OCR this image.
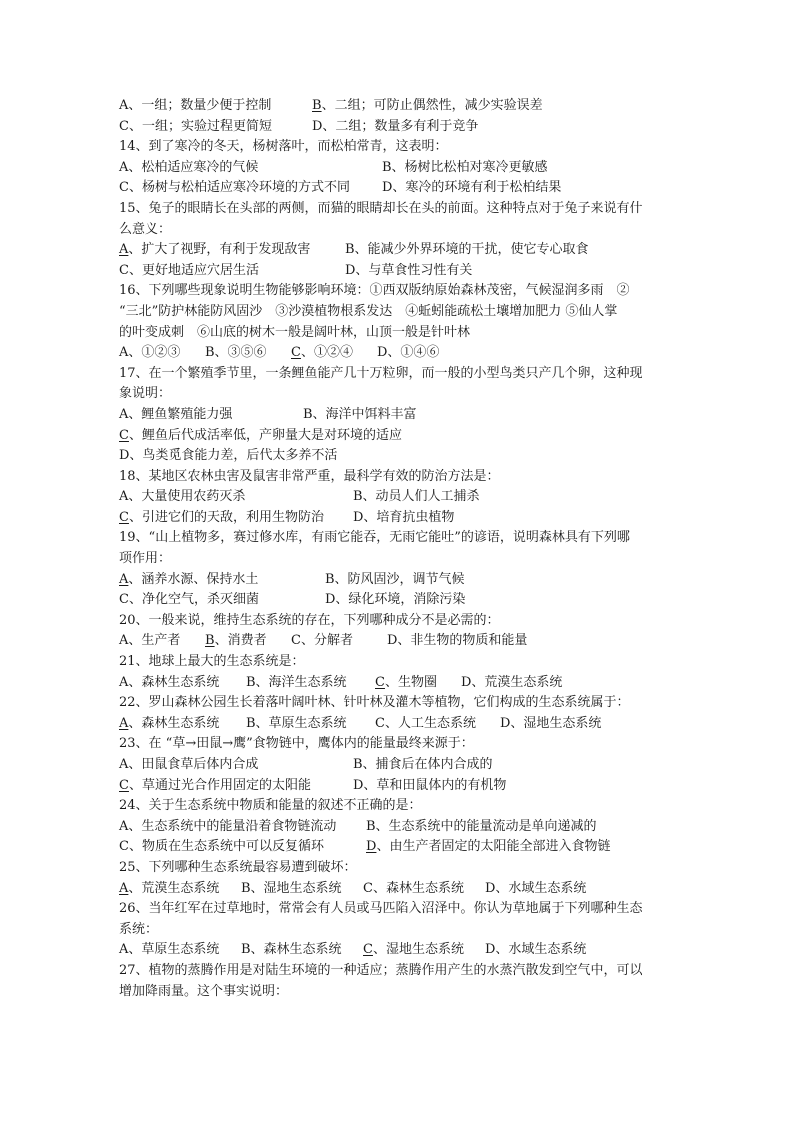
A、一组；数量少便于控制	B、二组；可防止偶然性，减少实验误差
C、一组；实验过程更简短	D、二组；数量多有利于竞争
14、到了寒冷的冬天，杨树落叶，而松柏常青，这表明：
A、松柏适应寒冷的气候	B、杨树比松柏对寒冷更敏感
C、杨树与松柏适应寒冷环境的方式不同 D、寒冷的环境有利于松柏结果
15、兔子的眼睛长在头部的两侧，而猫的眼睛却长在头的前面。这种特点对于兔子来说有什
么意义：
A、扩大了视野，有利于发现敌害	B、能减少外界环境的干扰，使它专心取食
C、更好地适应穴居生活	D、与草食性习性有关
16、下列哪些现象说明生物能够影响环境：①西双版纳原始森林茂密，气候湿润多雨　②
“三北”防护林能防风固沙　③沙漠植物根系发达　④蚯蚓能疏松土壤增加肥力 ⑤仙人掌
的叶变成刺　⑥山底的树木一般是阔叶林，山顶一般是针叶林
A、①②③ B、③⑤⑥ C、①②④ D、①④⑥
17、在一个繁殖季节里，一条鲤鱼能产几十万粒卵，而一般的小型鸟类只产几个卵，这种现
象说明：
A、鲤鱼繁殖能力强	B、海洋中饵料丰富
C、鲤鱼后代成活率低，产卵量大是对环境的适应
D、鸟类觅食能力差，后代太多养不活
18、某地区农林虫害及鼠害非常严重，最科学有效的防治方法是：
A、大量使用农药灭杀	B、动员人们人工捕杀
C、引进它们的天敌，利用生物防治 D、培育抗虫植物
19、“山上植物多，赛过修水库，有雨它能吞，无雨它能吐”的谚语，说明森林具有下列哪
项作用：
A、涵养水源、保持水土	B、防风固沙，调节气候
C、净化空气，杀灭细菌	D、绿化环境，消除污染
20、一般来说，维持生态系统的存在，下列哪种成分不是必需的：
A、生产者 B、消费者 C、分解者	D、非生物的物质和能量
21、地球上最大的生态系统是：
A、森林生态系统 B、海洋生态系统 C、生物圈 D、荒漠生态系统
22、罗山森林公园生长着落叶阔叶林、针叶林及灌木等植物，它们构成的生态系统属于：
A、森林生态系统 B、草原生态系统 C、人工生态系统 D、湿地生态系统
23、在 “草→田鼠→鹰”食物链中，鹰体内的能量最终来源于：
A、田鼠食草后体内合成	B、捕食后在体内合成的
C、草通过光合作用固定的太阳能	D、草和田鼠体内的有机物
24、关于生态系统中物质和能量的叙述不正确的是：
A、生态系统中的能量沿着食物链流动 B、生态系统中的能量流动是单向递减的
C、物质在生态系统中可以反复循环	D、由生产者固定的太阳能全部进入食物链
25、下列哪种生态系统最容易遭到破坏：
A、荒漠生态系统 B、湿地生态系统 C、森林生态系统 D、水域生态系统
26、当年红军在过草地时，常常会有人员或马匹陷入沼泽中。你认为草地属于下列哪种生态
系统：
A、草原生态系统 B、森林生态系统 C、湿地生态系统 D、水域生态系统
27、植物的蒸腾作用是对陆生环境的一种适应；蒸腾作用产生的水蒸汽散发到空气中，可以
增加降雨量。这个事实说明：
